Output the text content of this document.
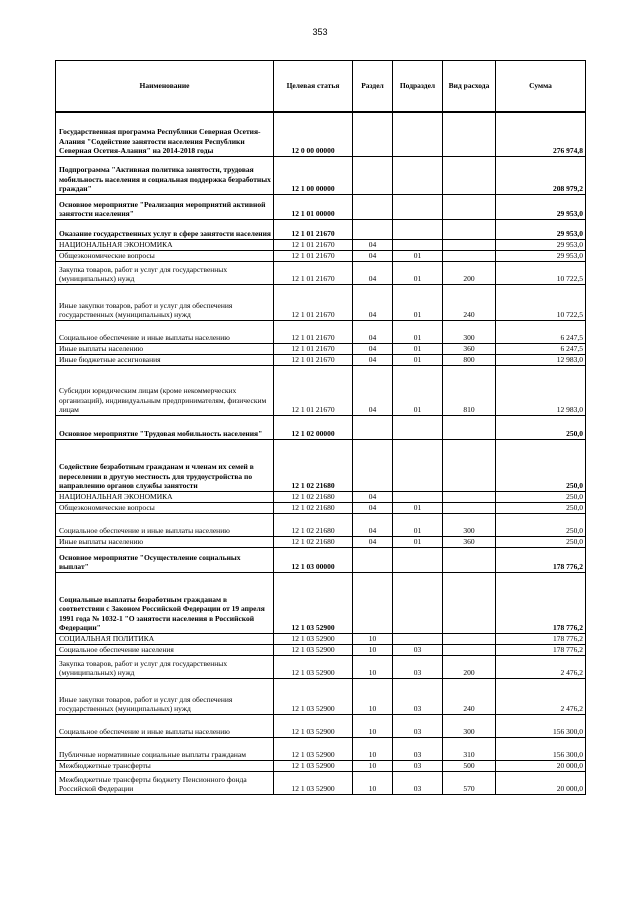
353
Наименование	Целевая статья	Раздел	Подраздел	Вид расхода	Сумма
Государственная программа Республики Северная Осетия-Алания "Содействие занятости населения Республики Северная Осетия-Алания" на 2014-2018 годы	12 0 00 00000				276 974,8
Подпрограмма "Активная политика занятости, трудовая мобильность населения и социальная поддержка безработных граждан"	12 1 00 00000				208 979,2
Основное мероприятие "Реализация мероприятий активной занятости населения"	12 1 01 00000				29 953,0
Оказание государственных услуг в сфере занятости населения	12 1 01 21670				29 953,0
НАЦИОНАЛЬНАЯ ЭКОНОМИКА	12 1 01 21670	04			29 953,0
Общеэкономические вопросы	12 1 01 21670	04	01		29 953,0
Закупка товаров, работ и услуг для государственных (муниципальных) нужд	12 1 01 21670	04	01	200	10 722,5
Иные закупки товаров, работ и услуг для обеспечения государственных (муниципальных) нужд	12 1 01 21670	04	01	240	10 722,5
Социальное обеспечение и иные выплаты населению	12 1 01 21670	04	01	300	6 247,5
Иные выплаты населению	12 1 01 21670	04	01	360	6 247,5
Иные бюджетные ассигнования	12 1 01 21670	04	01	800	12 983,0
Субсидии юридическим лицам (кроме некоммерческих организаций), индивидуальным предпринимателям, физическим лицам	12 1 01 21670	04	01	810	12 983,0
Основное мероприятие "Трудовая мобильность населения"	12 1 02 00000				250,0
Содействие безработным гражданам и членам их семей в переселении в другую местность для трудоустройства по направлению органов службы занятости	12 1 02 21680				250,0
НАЦИОНАЛЬНАЯ ЭКОНОМИКА	12 1 02 21680	04			250,0
Общеэкономические вопросы	12 1 02 21680	04	01		250,0
Социальное обеспечение и иные выплаты населению	12 1 02 21680	04	01	300	250,0
Иные выплаты населению	12 1 02 21680	04	01	360	250,0
Основное мероприятие "Осуществление социальных выплат"	12 1 03 00000				178 776,2
Социальные выплаты безработным гражданам в соответствии с Законом Российской Федерации от 19 апреля 1991 года № 1032-1 "О занятости населения в Российской Федерации"	12 1 03 52900				178 776,2
СОЦИАЛЬНАЯ ПОЛИТИКА	12 1 03 52900	10			178 776,2
Социальное обеспечение населения	12 1 03 52900	10	03		178 776,2
Закупка товаров, работ и услуг для государственных (муниципальных) нужд	12 1 03 52900	10	03	200	2 476,2
Иные закупки товаров, работ и услуг для обеспечения государственных (муниципальных) нужд	12 1 03 52900	10	03	240	2 476,2
Социальное обеспечение и иные выплаты населению	12 1 03 52900	10	03	300	156 300,0
Публичные нормативные социальные выплаты гражданам	12 1 03 52900	10	03	310	156 300,0
Межбюджетные трансферты	12 1 03 52900	10	03	500	20 000,0
Межбюджетные трансферты бюджету Пенсионного фонда Российской Федерации	12 1 03 52900	10	03	570	20 000,0
